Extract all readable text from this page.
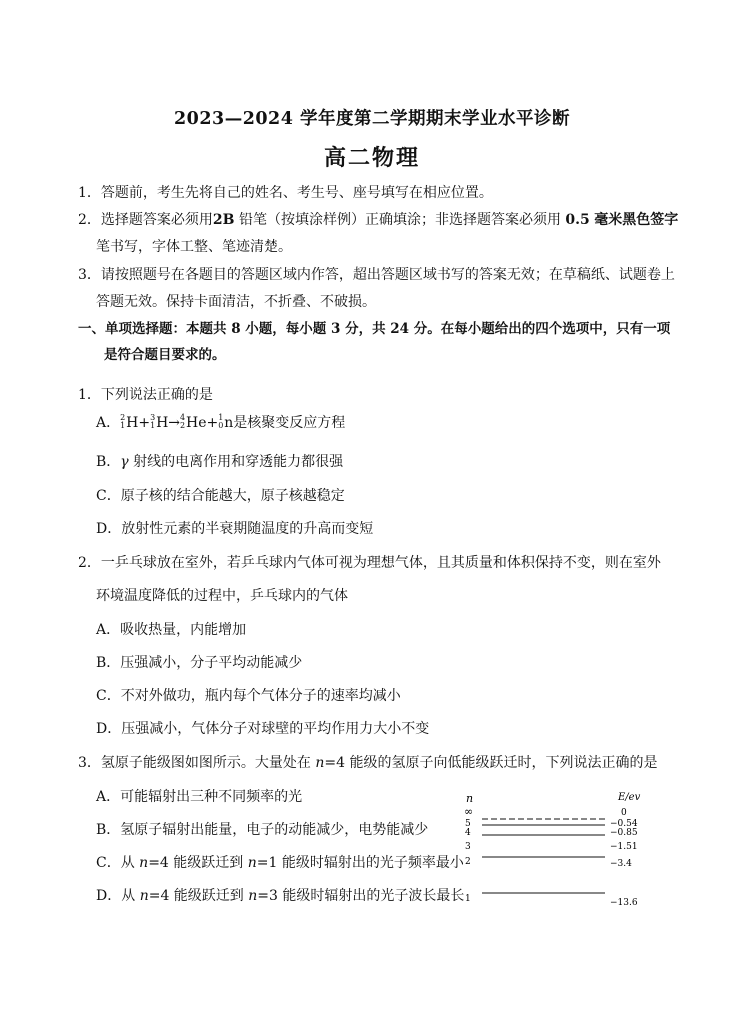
2023—2024 学年度第二学期期末学业水平诊断
高二物理
1．答题前，考生先将自己的姓名、考生号、座号填写在相应位置。
2．选择题答案必须用2B 铅笔（按填涂样例）正确填涂；非选择题答案必须用 0.5 毫米黑色签字
笔书写，字体工整、笔迹清楚。
3．请按照题号在各题目的答题区域内作答，超出答题区域书写的答案无效；在草稿纸、试题卷上
答题无效。保持卡面清洁，不折叠、不破损。
一、单项选择题：本题共 8 小题，每小题 3 分，共 24 分。在每小题给出的四个选项中，只有一项
是符合题目要求的。
1．下列说法正确的是
A． 2
1 H+ 3
1 H→ 4
2 He+ 1
0 n是核聚变反应方程
B．γ 射线的电离作用和穿透能力都很强
C．原子核的结合能越大，原子核越稳定
D．放射性元素的半衰期随温度的升高而变短
2．一乒乓球放在室外，若乒乓球内气体可视为理想气体，且其质量和体积保持不变，则在室外
环境温度降低的过程中，乒乓球内的气体
A．吸收热量，内能增加
B．压强减小，分子平均动能减少
C．不对外做功，瓶内每个气体分子的速率均减小
D．压强减小，气体分子对球壁的平均作用力大小不变
3．氢原子能级图如图所示。大量处在 n=4 能级的氢原子向低能级跃迁时，下列说法正确的是
A．可能辐射出三种不同频率的光
B．氢原子辐射出能量，电子的动能减少，电势能减少
C．从 n=4 能级跃迁到 n=1 能级时辐射出的光子频率最小
D．从 n=4 能级跃迁到 n=3 能级时辐射出的光子波长最长
n	E/ev
∞	0
5	−0.54
4	−0.85
3	−1.51
2	−3.4
1	−13.6
